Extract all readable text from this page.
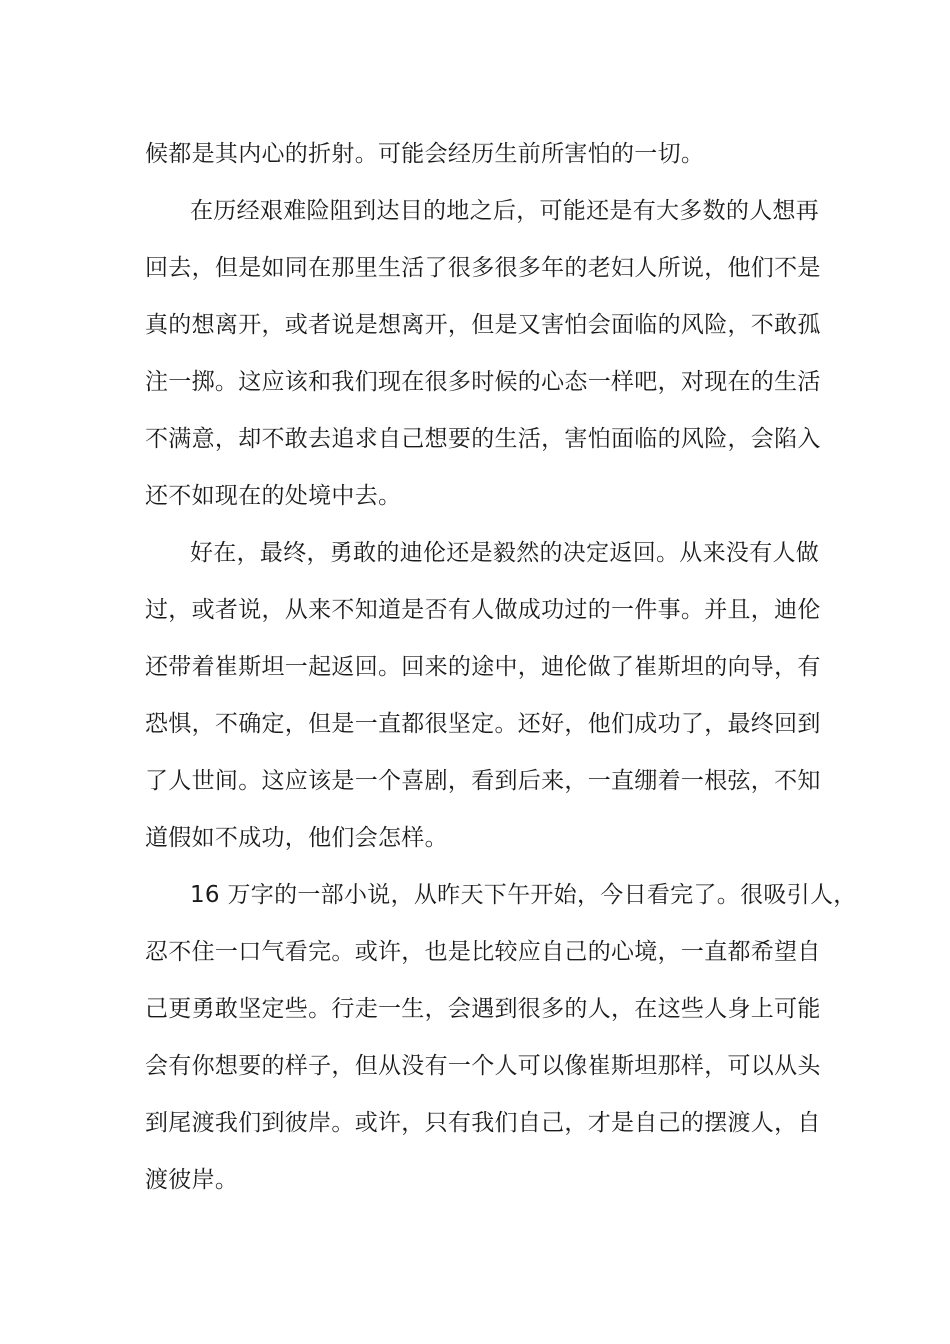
候都是其内心的折射。可能会经历生前所害怕的一切。
在历经艰难险阻到达目的地之后，可能还是有大多数的人想再
回去，但是如同在那里生活了很多很多年的老妇人所说，他们不是
真的想离开，或者说是想离开，但是又害怕会面临的风险，不敢孤
注一掷。这应该和我们现在很多时候的心态一样吧，对现在的生活
不满意，却不敢去追求自己想要的生活，害怕面临的风险，会陷入
还不如现在的处境中去。
好在，最终，勇敢的迪伦还是毅然的决定返回。从来没有人做
过，或者说，从来不知道是否有人做成功过的一件事。并且，迪伦
还带着崔斯坦一起返回。回来的途中，迪伦做了崔斯坦的向导，有
恐惧，不确定，但是一直都很坚定。还好，他们成功了，最终回到
了人世间。这应该是一个喜剧，看到后来，一直绷着一根弦，不知
道假如不成功，他们会怎样。
16 万字的一部小说，从昨天下午开始，今日看完了。很吸引人，
忍不住一口气看完。或许，也是比较应自己的心境，一直都希望自
己更勇敢坚定些。行走一生，会遇到很多的人，在这些人身上可能
会有你想要的样子，但从没有一个人可以像崔斯坦那样，可以从头
到尾渡我们到彼岸。或许，只有我们自己，才是自己的摆渡人，自
渡彼岸。
